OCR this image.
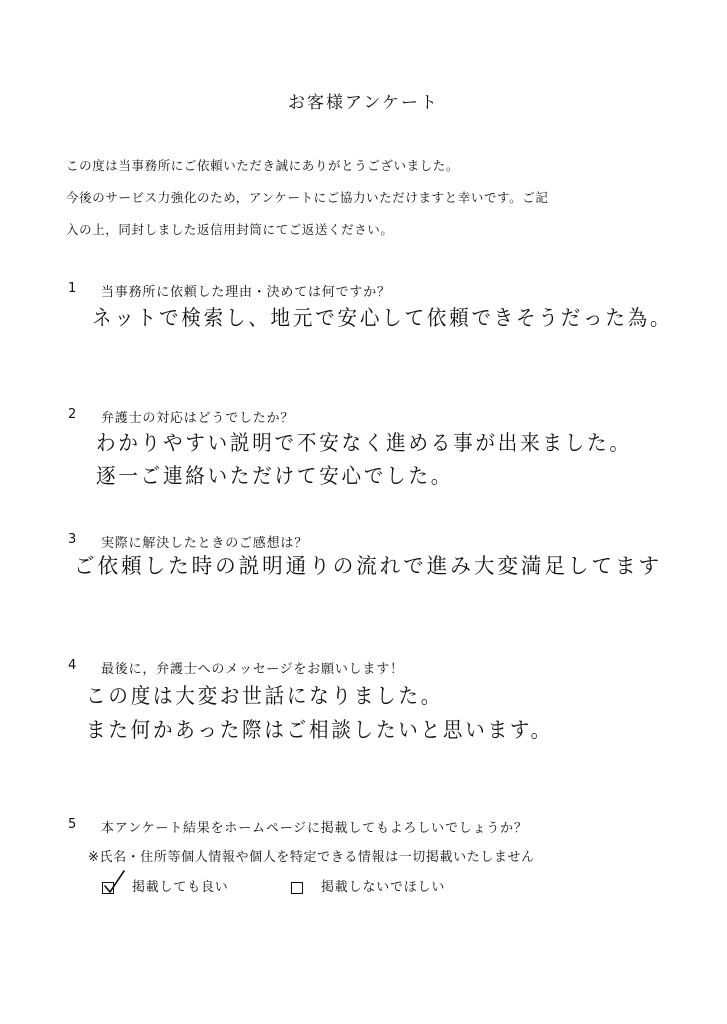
お客様アンケート
この度は当事務所にご依頼いただき誠にありがとうございました。
今後のサービス力強化のため，アンケートにご協力いただけますと幸いです。ご記
入の上，同封しました返信用封筒にてご返送ください。
1 当事務所に依頼した理由・決めては何ですか？
ネットで検索し、地元で安心して依頼できそうだった為。
2 弁護士の対応はどうでしたか？
わかりやすい説明で不安なく進める事が出来ました。
逐一ご連絡いただけて安心でした。
3 実際に解決したときのご感想は？
ご依頼した時の説明通りの流れで進み大変満足してます
4 最後に，弁護士へのメッセージをお願いします！
この度は大変お世話になりました。
また何かあった際はご相談したいと思います。
5 本アンケート結果をホームページに掲載してもよろしいでしょうか？
※氏名・住所等個人情報や個人を特定できる情報は一切掲載いたしません
掲載しても良い	掲載しないでほしい
